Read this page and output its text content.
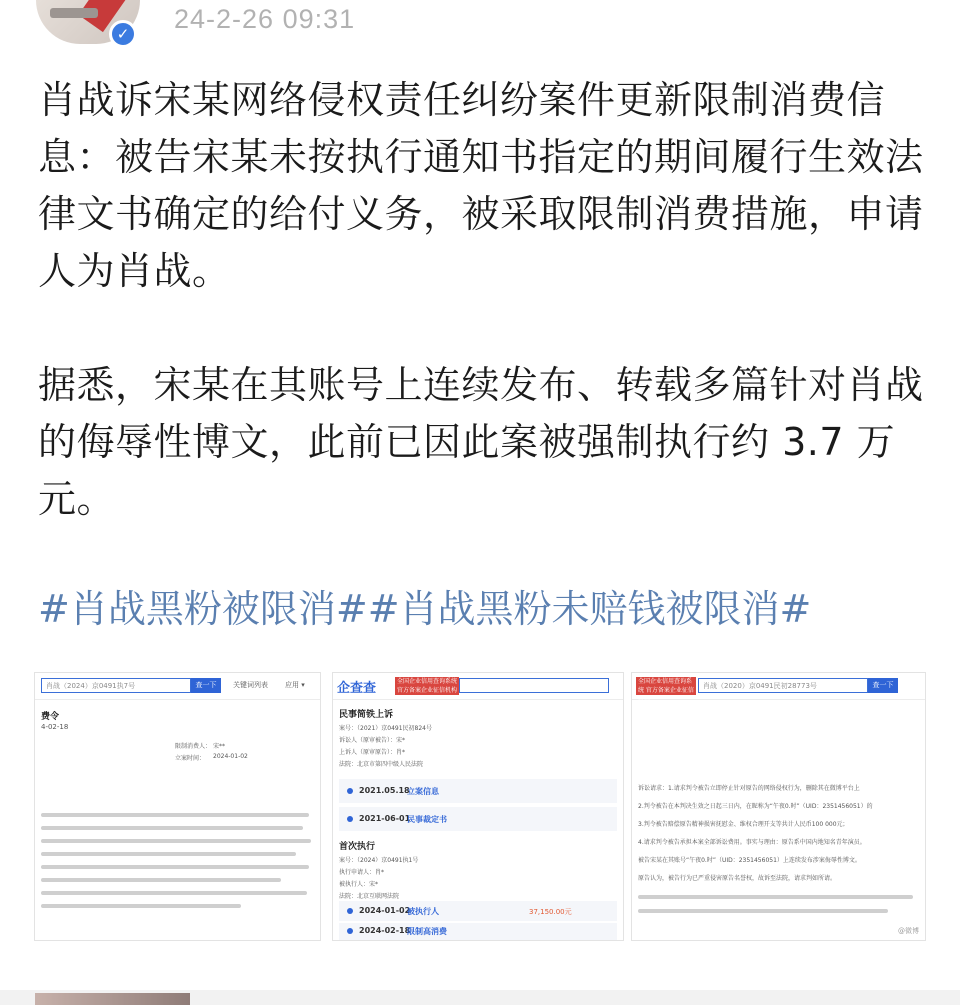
✓ 24-2-26 09:31

肖战诉宋某网络侵权责任纠纷案件更新限制消费信息：被告宋某未按执行通知书指定的期间履行生效法律文书确定的给付义务，被采取限制消费措施，申请人为肖战。

据悉，宋某在其账号上连续发布、转载多篇针对肖战的侮辱性博文，此前已因此案被强制执行约 3.7 万元。

#肖战黑粉被限消##肖战黑粉未赔钱被限消#
肖战（2024）京0491执7号	查一下	关键词列表 应用 ▾
费令
4-02-18
限制消费人： 宋**
立案时间： 2024-01-02
企查查	全国企业信用查询系统 官方备案企业征信机构
民事简铁上诉
案号：（2021）京0491民初824号
诉讼人（原审被告）：宋*
上诉人（原审原告）：肖*
法院：北京市第四中级人民法院
2021.05.18
立案信息
2021-06-01
民事裁定书
首次执行
案号：（2024）京0491执1号
执行申请人：肖*
被执行人：宋*
法院：北京互联网法院
2024-01-02
被执行人	37,150.00元
2024-02-18
限制高消费
全国企业信用查询系统 官方备案企业征信机构
肖战（2020）京0491民初28773号	查一下
诉讼请求：1.请求判令被告立即停止针对原告的网络侵权行为，删除其在微博平台上
2.判令被告在本判决生效之日起三日内，在昵称为“午夜0.时”（UID：2351456051）的
3.判令被告赔偿原告精神损害抚慰金、维权合理开支等共计人民币100 000元；
4.请求判令被告承担本案全部诉讼费用。事实与理由：原告系中国内地知名青年演员。
被告宋某在其账号“午夜0.时”（UID：2351456051）上连续发布涉案侮辱性博文。
原告认为，被告行为已严重侵害原告名誉权，故诉至法院，请求判如所请。
@微博
